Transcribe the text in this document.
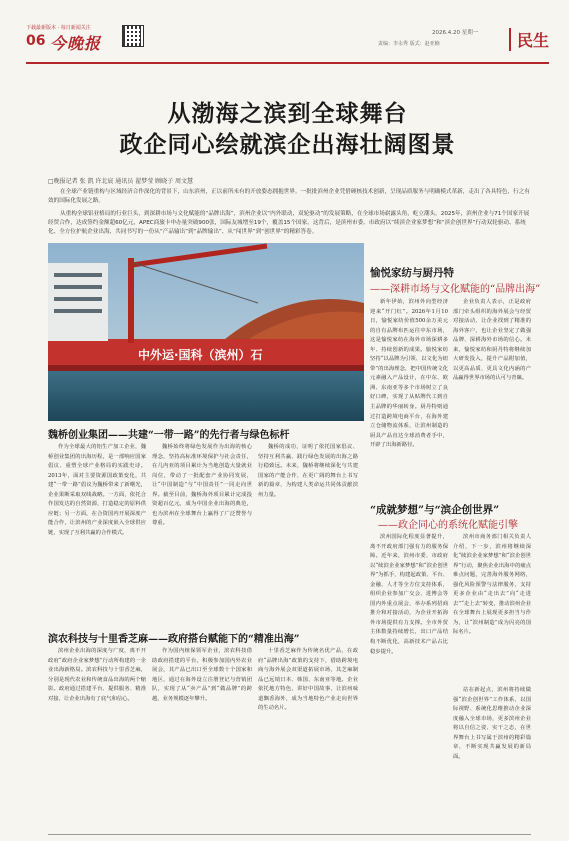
下载最新版本 · 每日新闻关注
06 今晚报
2026.4.20 星期一
责编：李永秀 版式：赵亚楠	民生
从渤海之滨到全球舞台
政企同心绘就滨企出海壮阔图景
□晚报记者 张 凯 许北宸 通讯员 翟梦莹 顾晓子 周文慧
在全球产业链重构与区域经济合作深化的背景下，山东滨州，正以前所未有的开放姿态拥抱世界。一批批滨州企业凭借硬核技术创新，呈现品质服务与明确模式革新，走出了各具特色，行之有效的国际化发展之路。
从重构全球铝业格局的行业巨头，到深耕市场与文化赋能的“品牌出海”，滨州企业以“内外联动，双轮驱动”的发展策略，在全球市场崭露头角，屹立潮头。2025年，滨州企业与71个国家开展经贸合作，达成签约金额超60亿元，APEC商旅卡申办量突破900张，国际友城增至19个，覆盖15个国家。这背后，是滨州市委、市政府以“续滨企业家梦想”和“滨企创世界”行动双轮驱动、系统化、全方位护航企业出海，共同书写的一份从“产品输出”到“品牌输出”、从“闯世界”到“创世界”的精彩答卷。
中外运·国科（滨州）石
愉悦家纺与厨丹特
——深耕市场与文化赋能的“品牌出海”

新年伊始，滨州外向型经济迎来“开门红”。2026年1月10日，愉悦家纺价值500余万美元的自有品牌布匹运往中东市场，这是愉悦家纺在海外市场深耕多年、持续创新的成果。愉悦家纺坚持“以品牌为引领、以文化为纽带”的出海理念，把中国传统文化元素融入产品设计，在中东、欧洲、东南亚等多个市场树立了良好口碑，实现了从贴牌代工到自主品牌的华丽转身。厨丹特则通过打造跨境电商平台，在海外建立仓储物流体系，让滨州制造的厨具产品直达全球消费者手中，开辟了出海新路径。

企业负责人表示，正是政府部门牵头组织的海外展会与经贸对接活动，让企业找到了精准的海外客户，也让企业坚定了做强品牌、深耕海外市场的信心。未来，愉悦家纺和厨丹特将继续加大研发投入，提升产品附加值，以更高品质、更具文化内涵的产品赢得世界市场的认可与青睐。

“成就梦想”与“滨企创世界”
——政企同心的系统化赋能引擎

滨州国际化程度显著提升，离不开政府部门强有力的服务保障。近年来，滨州市委、市政府以“续滨企业家梦想”和“滨企创世界”为抓手，构建起政策、平台、金融、人才等全方位支持体系，组织企业参加广交会、进博会等国内外重点展会，举办系列招商推介和对接活动，为企业开拓海外市场提供有力支撑。全市外贸主体数量持续增长，出口产品结构不断优化，高新技术产品占比稳步提升。

滨州市商务部门相关负责人介绍，下一步，滨州将继续深化“续滨企业家梦想”和“滨企创世界”行动，聚焦企业出海中的痛点难点问题，完善海外服务网络，强化风险预警与法律服务，支持更多企业由“走出去”向“走进去”“走上去”转变，推动滨州企业在全球舞台上展现更多担当与作为，让“滨州制造”成为闪亮的国际名片。

站在新起点，滨州将持续做强“滨企创世界”工作体系，以国际视野、系统化思维推动企业深度融入全球市场，更多滨州企业将以自信之姿、实干之态，在世界舞台上书写属于滨州的精彩篇章，不断实现共赢发展的新局面。

魏桥创业集团——共建“一带一路”的先行者与绿色标杆

作为全球最大的铝生产加工企业，魏桥创业集团的出海历程，是一部响应国家倡议、重塑全球产业格局的实践史诗。2013年，面对主要资源国政策变化，共建“一带一路”倡议为魏桥带来了新曙光，企业果断采取双线战略。一方面，依托合作国发达的自然资源，打造稳定的原料供应链；另一方面，在合资国内开展深度产能合作，让滨州的产业深度嵌入全球供应链，实现了互利共赢的合作模式。

魏桥始终将绿色发展作为出海的核心理念，坚持高标准环境保护与社会责任，在几内亚的项目累计为当地创造大量就业岗位，带动了一批配套产业协同发展，让“中国制造”与“中国责任”一同走向世界。截至目前，魏桥海外项目累计完成投资超百亿元，成为中国企业出海的典范，也为滨州在全球舞台上赢得了广泛赞誉与尊重。

魏桥的成功，证明了依托国家倡议、坚持互利共赢、践行绿色发展的出海之路行稳致远。未来，魏桥将继续深化与共建国家的产能合作，在更广阔的舞台上书写新的篇章，为构建人类命运共同体贡献滨州力量。

滨农科技与十里香芝麻——政府搭台赋能下的“精准出海”

滨州企业出海的深度与广度，离不开政府“政府企业家梦想”行动所构建的一企业出海新格局。滨农科技与十里香芝麻，分别是现代农业和传统食品出海的两个缩影。政府通过搭建平台、提供服务、精准对接，让企业出海有了底气和信心。

作为国内植保领军企业，滨农科技借助政府搭建的平台，积极参加国内外农业展会，其产品已出口至全球数十个国家和地区，通过在海外设立注册登记与营销团队，实现了从“卖产品”到“做品牌”的跨越，业务规模逐年攀升。

十里香芝麻作为传统名优产品，在政府“品牌出海”政策的支持下，借助跨境电商与海外展会双渠道拓展市场，其芝麻制品已远销日本、韩国、东南亚等地。企业依托地方特色，讲好中国故事，让滨州味道飘香海外，成为当地特色产业走向世界的生动名片。
